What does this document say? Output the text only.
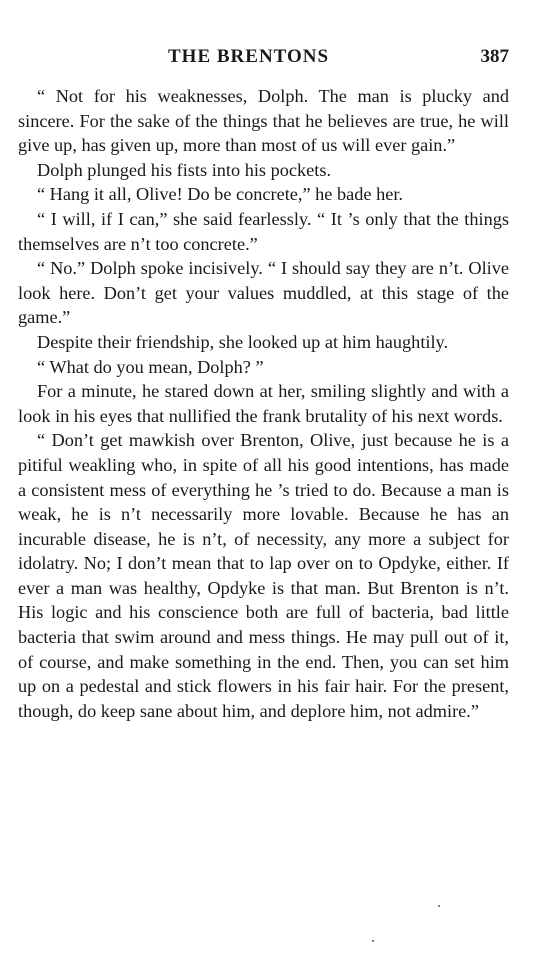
THE BRENTONS	387

“ Not for his weaknesses, Dolph. The man is plucky and sincere. For the sake of the things that he believes are true, he will give up, has given up, more than most of us will ever gain.”

Dolph plunged his fists into his pockets.

“ Hang it all, Olive! Do be concrete,” he bade her.

“ I will, if I can,” she said fearlessly. “ It ’s only that the things themselves are n’t too concrete.”

“ No.” Dolph spoke incisively. “ I should say they are n’t. Olive look here. Don’t get your values muddled, at this stage of the game.”

Despite their friendship, she looked up at him haughtily.

“ What do you mean, Dolph? ”

For a minute, he stared down at her, smiling slightly and with a look in his eyes that nullified the frank brutality of his next words.

“ Don’t get mawkish over Brenton, Olive, just because he is a pitiful weakling who, in spite of all his good intentions, has made a consistent mess of everything he ’s tried to do. Because a man is weak, he is n’t necessarily more lovable. Because he has an incurable disease, he is n’t, of necessity, any more a subject for idolatry. No; I don’t mean that to lap over on to Opdyke, either. If ever a man was healthy, Opdyke is that man. But Brenton is n’t. His logic and his conscience both are full of bacteria, bad little bacteria that swim around and mess things. He may pull out of it, of course, and make something in the end. Then, you can set him up on a pedestal and stick flowers in his fair hair. For the present, though, do keep sane about him, and deplore him, not admire.”
